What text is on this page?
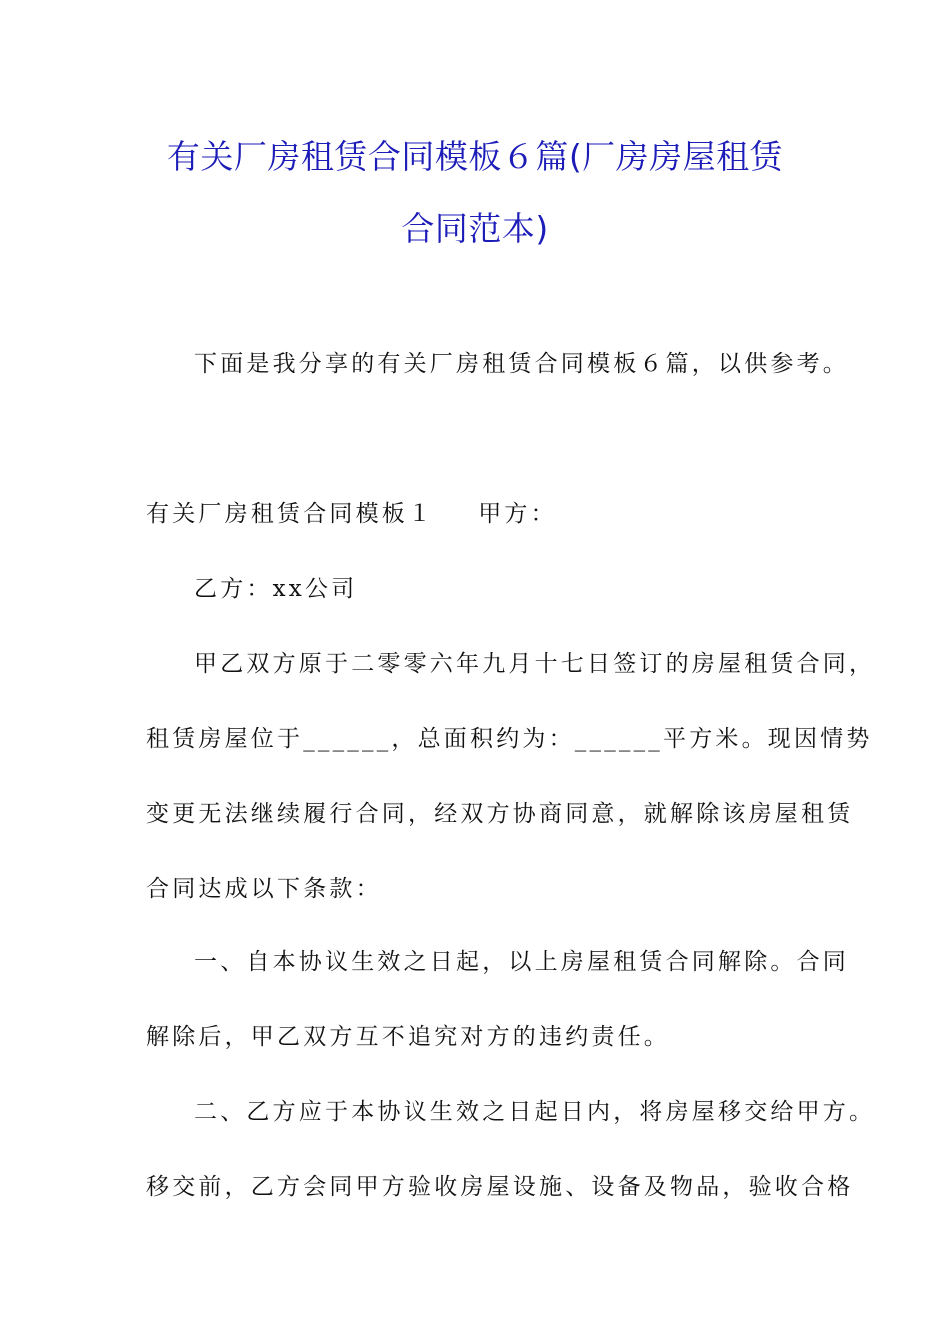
有关厂房租赁合同模板６篇(厂房房屋租赁
合同范本)
下面是我分享的有关厂房租赁合同模板６篇，以供参考。
有关厂房租赁合同模板１ 甲方：
乙方：xx公司
甲乙双方原于二零零六年九月十七日签订的房屋租赁合同，
租赁房屋位于______，总面积约为：______平方米。现因情势
变更无法继续履行合同，经双方协商同意，就解除该房屋租赁
合同达成以下条款：
一、自本协议生效之日起，以上房屋租赁合同解除。合同
解除后，甲乙双方互不追究对方的违约责任。
二、乙方应于本协议生效之日起日内，将房屋移交给甲方。
移交前，乙方会同甲方验收房屋设施、设备及物品，验收合格
